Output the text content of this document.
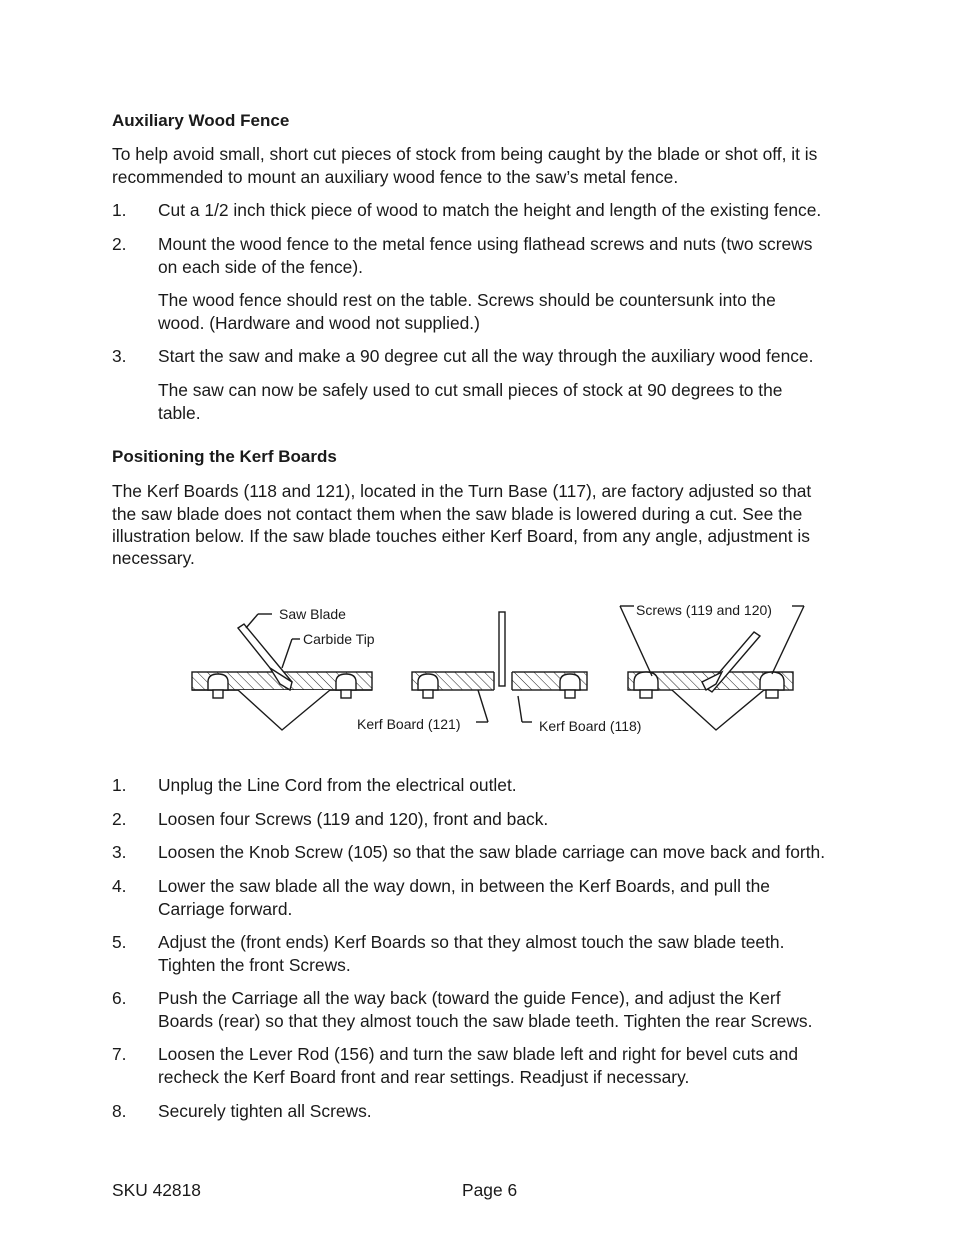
Auxiliary Wood Fence
To help avoid small, short cut pieces of stock from being caught by the blade or shot off, it is
recommended to mount an auxiliary wood fence to the saw’s metal fence.
1. Cut a 1/2 inch thick piece of wood to match the height and length of the existing fence.
2. Mount the wood fence to the metal fence using flathead screws and nuts (two screws
on each side of the fence).
The wood fence should rest on the table. Screws should be countersunk into the
wood. (Hardware and wood not supplied.)
3. Start the saw and make a 90 degree cut all the way through the auxiliary wood fence.
The saw can now be safely used to cut small pieces of stock at 90 degrees to the
table.
Positioning the Kerf Boards
The Kerf Boards (118 and 121), located in the Turn Base (117), are factory adjusted so that
the saw blade does not contact them when the saw blade is lowered during a cut. See the
illustration below. If the saw blade touches either Kerf Board, from any angle, adjustment is
necessary.
Saw Blade
Carbide Tip
Screws (119 and 120)
Kerf Board (121)	Kerf Board (118)
1. Unplug the Line Cord from the electrical outlet.
2. Loosen four Screws (119 and 120), front and back.
3. Loosen the Knob Screw (105) so that the saw blade carriage can move back and forth.
4. Lower the saw blade all the way down, in between the Kerf Boards, and pull the
Carriage forward.
5. Adjust the (front ends) Kerf Boards so that they almost touch the saw blade teeth.
Tighten the front Screws.
6. Push the Carriage all the way back (toward the guide Fence), and adjust the Kerf
Boards (rear) so that they almost touch the saw blade teeth. Tighten the rear Screws.
7. Loosen the Lever Rod (156) and turn the saw blade left and right for bevel cuts and
recheck the Kerf Board front and rear settings. Readjust if necessary.
8. Securely tighten all Screws.
SKU 42818	Page 6
